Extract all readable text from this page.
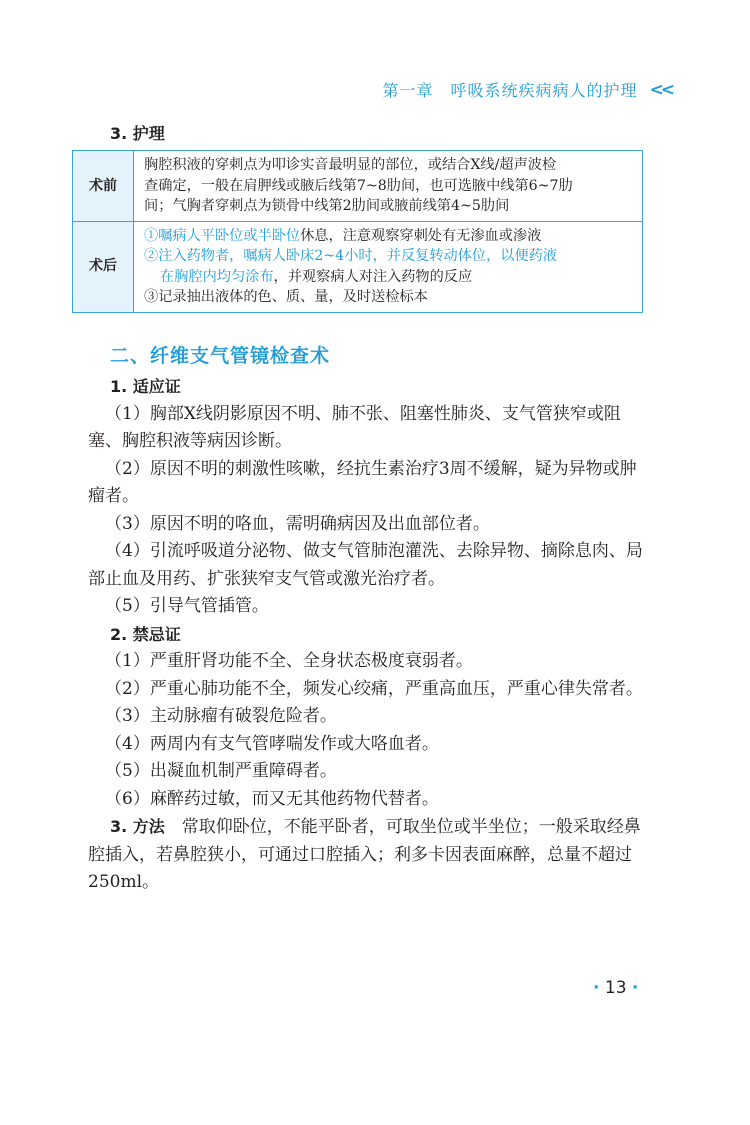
第一章　呼吸系统疾病病人的护理 <<
3. 护理
术前	胸腔积液的穿刺点为叩诊实音最明显的部位，或结合X线/超声波检
查确定，一般在肩胛线或腋后线第7~8肋间，也可选腋中线第6~7肋
间；气胸者穿刺点为锁骨中线第2肋间或腋前线第4~5肋间

术后	①嘱病人平卧位或半卧位休息，注意观察穿刺处有无渗血或渗液
②注入药物者，嘱病人卧床2~4小时，并反复转动体位，以便药液
在胸腔内均匀涂布，并观察病人对注入药物的反应
③记录抽出液体的色、质、量，及时送检标本
二、纤维支气管镜检查术

1. 适应证

（1）胸部X线阴影原因不明、肺不张、阻塞性肺炎、支气管狭窄或阻塞、胸腔积液等病因诊断。

（2）原因不明的刺激性咳嗽，经抗生素治疗3周不缓解，疑为异物或肿瘤者。

（3）原因不明的咯血，需明确病因及出血部位者。

（4）引流呼吸道分泌物、做支气管肺泡灌洗、去除异物、摘除息肉、局部止血及用药、扩张狭窄支气管或激光治疗者。

（5）引导气管插管。

2. 禁忌证

（1）严重肝肾功能不全、全身状态极度衰弱者。

（2）严重心肺功能不全，频发心绞痛，严重高血压，严重心律失常者。

（3）主动脉瘤有破裂危险者。

（4）两周内有支气管哮喘发作或大咯血者。

（5）出凝血机制严重障碍者。

（6）麻醉药过敏，而又无其他药物代替者。

3. 方法　常取仰卧位，不能平卧者，可取坐位或半坐位；一般采取经鼻腔插入，若鼻腔狭小，可通过口腔插入；利多卡因表面麻醉，总量不超过250ml。

· 13 ·
